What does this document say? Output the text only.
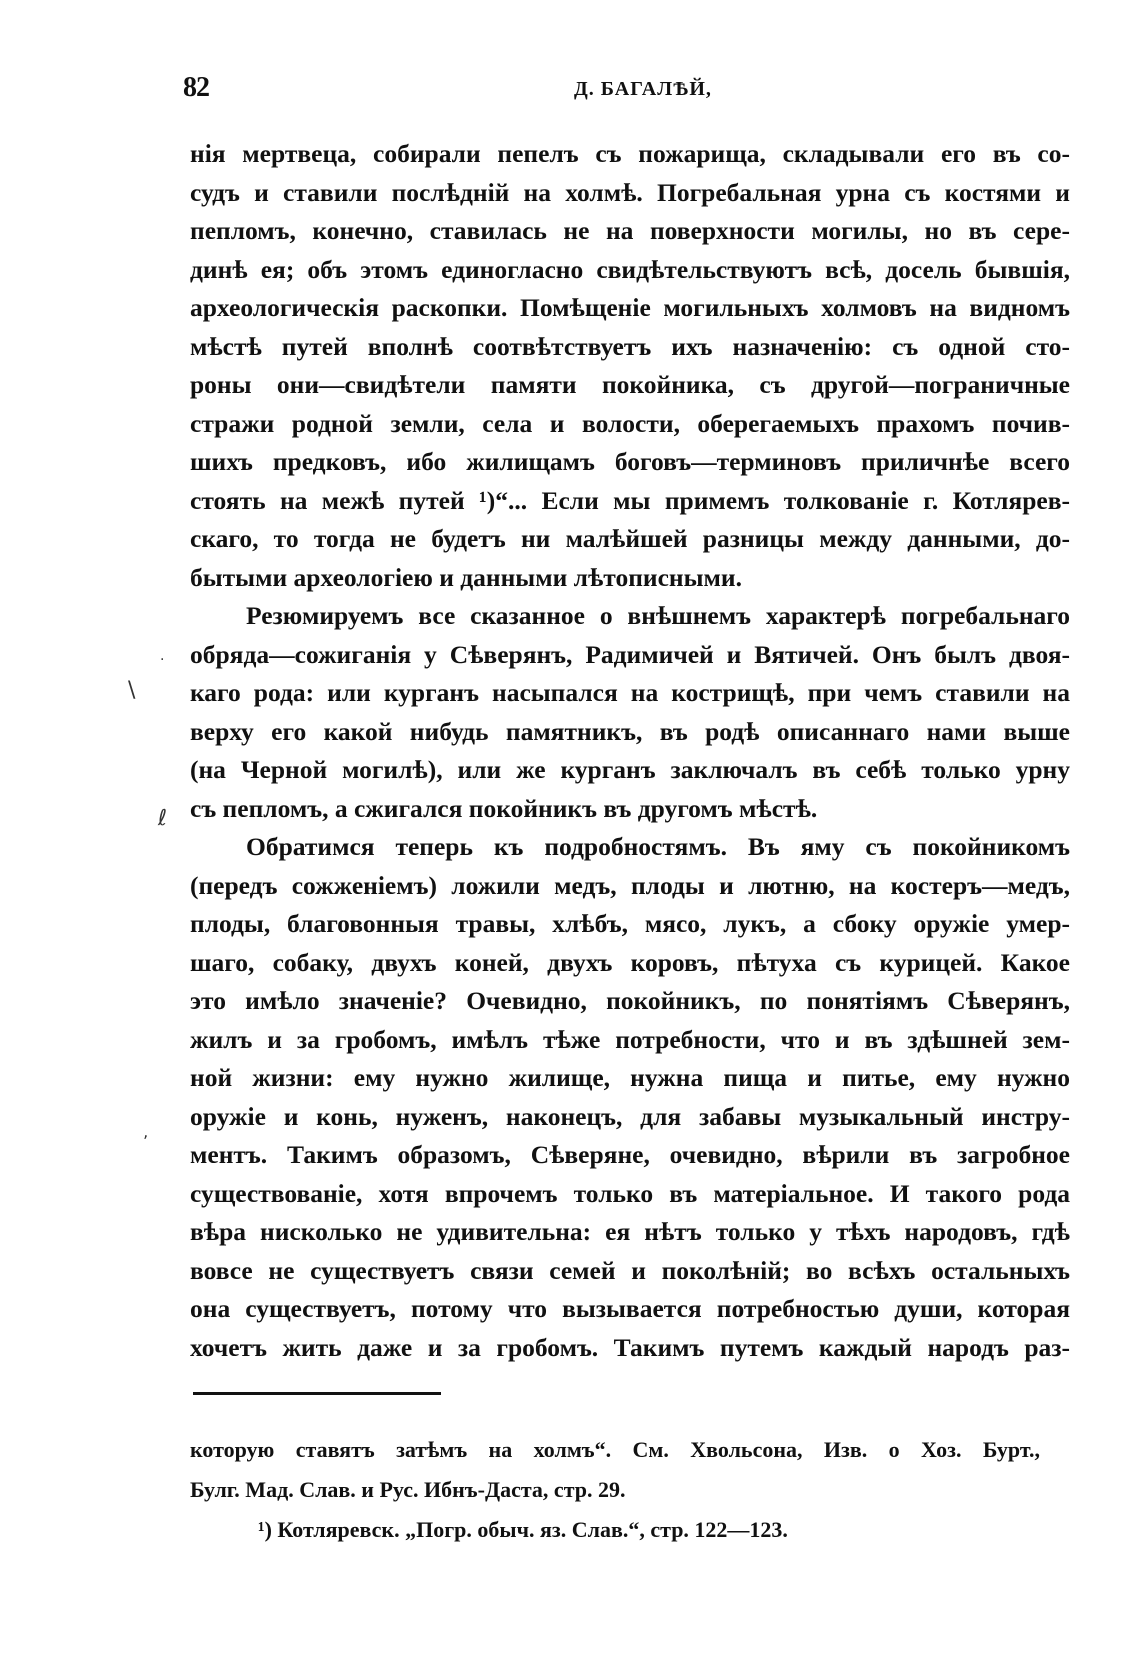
82	Д. БАГАЛѢЙ,
нія мертвеца, собирали пепелъ съ пожарища, складывали его въ со-
судъ и ставили послѣдній на холмѣ. Погребальная урна съ костями и
пепломъ, конечно, ставилась не на поверхности могилы, но въ сере-
динѣ ея; объ этомъ единогласно свидѣтельствуютъ всѣ, досель бывшія,
археологическія раскопки. Помѣщеніе могильныхъ холмовъ на видномъ
мѣстѣ путей вполнѣ соотвѣтствуетъ ихъ назначенію: съ одной сто-
роны они—свидѣтели памяти покойника, съ другой—пограничные
стражи родной земли, села и волости, оберегаемыхъ прахомъ почив-
шихъ предковъ, ибо жилищамъ боговъ—терминовъ приличнѣе всего
стоять на межѣ путей ¹)“... Если мы примемъ толкованіе г. Котлярев-
скаго, то тогда не будетъ ни малѣйшей разницы между данными, до-
бытыми археологіею и данными лѣтописными.
Резюмируемъ все сказанное о внѣшнемъ характерѣ погребальнаго
обряда—сожиганія у Сѣверянъ, Радимичей и Вятичей. Онъ былъ двоя-
каго рода: или курганъ насыпался на кострищѣ, при чемъ ставили на
верху его какой нибудь памятникъ, въ родѣ описаннаго нами выше
(на Черной могилѣ), или же курганъ заключалъ въ себѣ только урну
съ пепломъ, а сжигался покойникъ въ другомъ мѣстѣ.
Обратимся теперь къ подробностямъ. Въ яму съ покойникомъ
(передъ сожженіемъ) ложили медъ, плоды и лютню, на костеръ—медъ,
плоды, благовонныя травы, хлѣбъ, мясо, лукъ, а сбоку оружіе умер-
шаго, собаку, двухъ коней, двухъ коровъ, пѣтуха съ курицей. Какое
это имѣло значеніе? Очевидно, покойникъ, по понятіямъ Сѣверянъ,
жилъ и за гробомъ, имѣлъ тѣже потребности, что и въ здѣшней зем-
ной жизни: ему нужно жилище, нужна пища и питье, ему нужно
оружіе и конь, нуженъ, наконецъ, для забавы музыкальный инстру-
ментъ. Такимъ образомъ, Сѣверяне, очевидно, вѣрили въ загробное
существованіе, хотя впрочемъ только въ матеріальное. И такого рода
вѣра нисколько не удивительна: ея нѣтъ только у тѣхъ народовъ, гдѣ
вовсе не существуетъ связи семей и поколѣній; во всѣхъ остальныхъ
она существуетъ, потому что вызывается потребностью души, которая
хочетъ жить даже и за гробомъ. Такимъ путемъ каждый народъ раз-
которую ставятъ затѣмъ на холмъ“. См. Хвольсона, Изв. о Хоз. Бурт.,
Булг. Мад. Слав. и Рус. Ибнъ-Даста, стр. 29.
¹) Котляревск. „Погр. обыч. яз. Слав.“, стр. 122—123.
\
ℓ
ʼ
·
